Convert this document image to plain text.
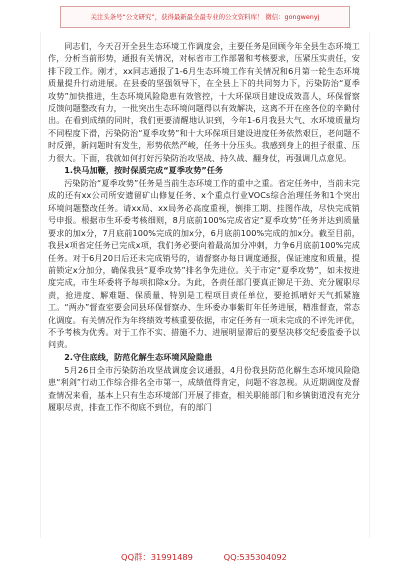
关注头条号“公文研究”，获得最新最全最专业的公文资料库！ 微信：gongwenyj

同志们，今天召开全县生态环境工作调度会，主要任务是回顾今年全县生态环境工作，分析当前形势，通报有关情况，对标省市工作部署和考核要求，压紧压实责任，安排下段工作。刚才，xx同志通报了1-6月生态环境工作有关情况和6月第一轮生态环境质量提升行动进展。在县委的坚强领导下，在全县上下的共同努力下，污染防治“夏季攻势”加快推进，生态环境风险隐患有效管控，十大环保项目建设成效喜人，环保督察反馈问题整改有力，一批突出生态环境问题得以有效解决，这离不开在座各位的辛勤付出。在看到成绩的同时，我们更要清醒地认识到，今年1-6月我县大气、水环境质量均不同程度下滑，污染防治“夏季攻势”和十大环保项目建设进度任务依然艰巨，老问题不时反弹，新问题时有发生，形势依然严峻，任务十分压头。我感到身上的担子很重、压力很大。下面，我就如何打好污染防治攻坚战、持久战、翻身仗，再强调几点意见。

1.快马加鞭，按时保质完成“夏季攻势”任务

污染防治“夏季攻势”任务是当前生态环境工作的重中之重。省定任务中，当前未完成的还有xx公司所安遗留矿山修复任务、x个重点行业VOCs综合治理任务和1个突出环境问题整改任务。请xx局、xx局务必高度重视，倒排工期、挂图作战，尽快完成销号申报。根据市生环委考核细则，8月底前100%完成省定“夏季攻势”任务并达到质量要求的加x分，7月底前100%完成的加x分，6月底前100%完成的加x分。截至目前，我县x项省定任务已完成x项，我们务必要向着最高加分冲刺，力争6月底前100%完成任务。对于6月20日后还未完成销号的，请督察办每日调度通报，保证速度和质量，提前锁定x分加分，确保我县“夏季攻势”排名争先进位。关于市定“夏季攻势”，如未按进度完成，市生环委将予每项扣除x分。为此，各责任部门要真正铆足干劲、充分履职尽责，抢进度、解难题、保质量、特别是工程项目责任单位，要抢抓晴好天气抓紧施工。“两办”督查室要会同县环保督察办、生环委办事紫盯年任务进展，精准督查，常态化调度。有关情况作为年终绩效考核重要依据，市定任务有一项未完成的不评先评优，不予考核为优秀。对于工作不实、措施不力、进展明显滞后的要坚决移交纪委监委予以问责。

2.守住底线，防范化解生态环境风险隐患

5月26日全市污染防治攻坚战调度会议通报，4月份我县防范化解生态环境风险隐患“利剑”行动工作综合排名全市第一，成绩值得肯定，问题不容忽视。从近期调度及督查情况来看，基本上只有生态环境部门开展了排查，相关职能部门和乡镇街道没有充分履职尽责，排查工作不彻底不到位，有的部门

QQ群：31991489	QQ:535304092
